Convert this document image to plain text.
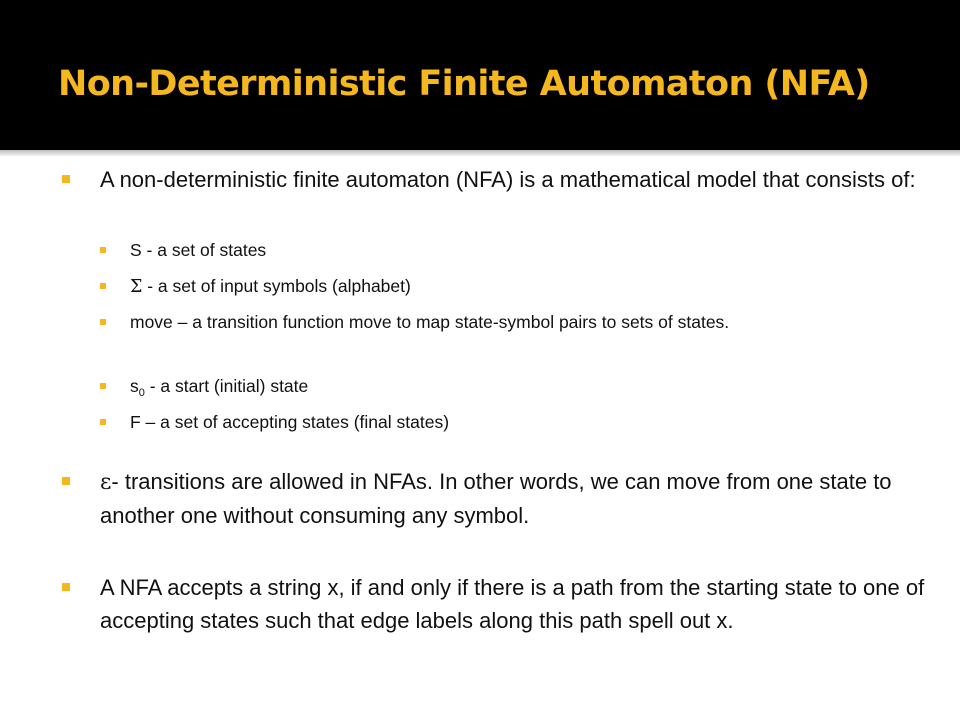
Non-Deterministic Finite Automaton (NFA)
A non-deterministic finite automaton (NFA) is a mathematical model that consists of:
S - a set of states
Σ - a set of input symbols (alphabet)
move – a transition function move to map state-symbol pairs to sets of states.
$s_0$ - a start (initial) state
F – a set of accepting states (final states)
ε- transitions are allowed in NFAs. In other words, we can move from one state to another one without consuming any symbol.
A NFA accepts a string x, if and only if there is a path from the starting state to one of accepting states such that edge labels along this path spell out x.
